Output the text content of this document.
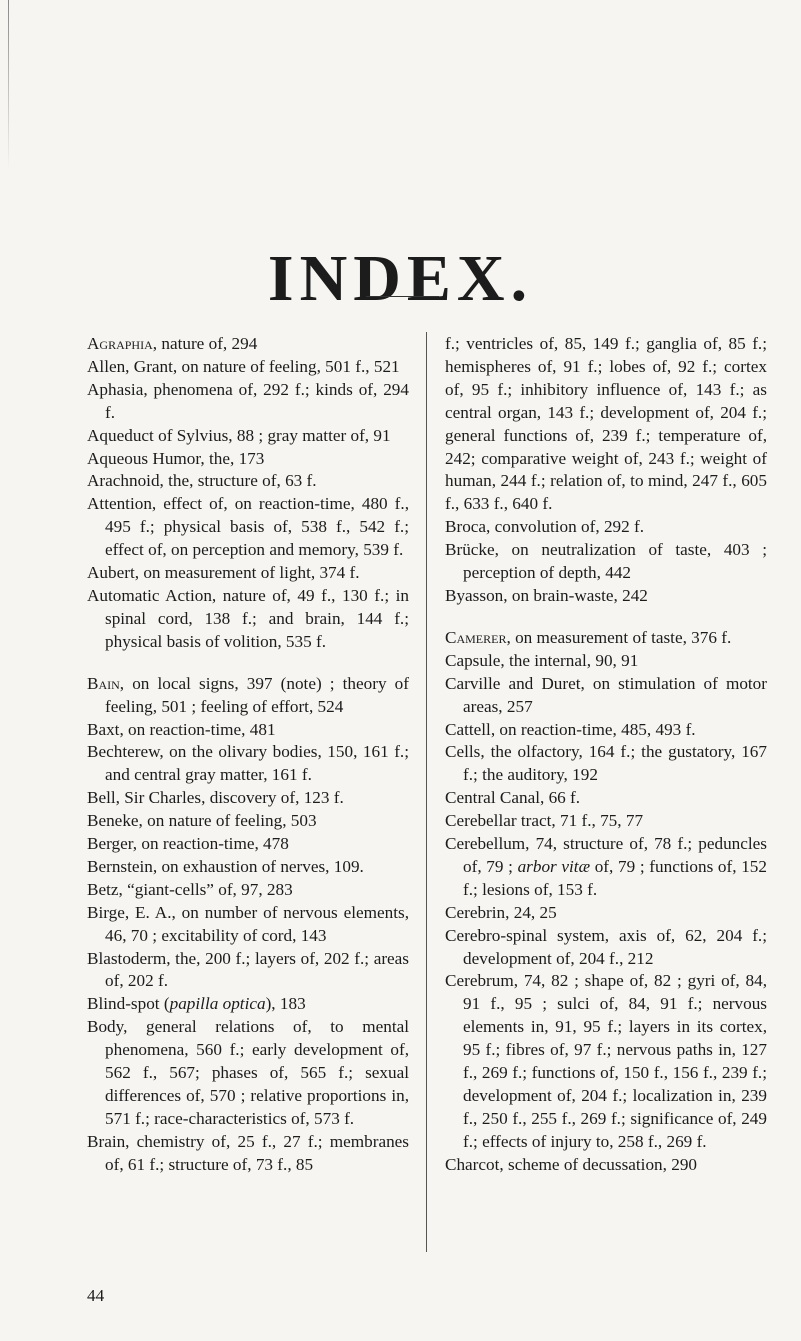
INDEX.

Agraphia, nature of, 294

Allen, Grant, on nature of feeling, 501 f., 521

Aphasia, phenomena of, 292 f.; kinds of, 294 f.

Aqueduct of Sylvius, 88 ; gray matter of, 91

Aqueous Humor, the, 173

Arachnoid, the, structure of, 63 f.

Attention, effect of, on reaction-time, 480 f., 495 f.; physical basis of, 538 f., 542 f.; effect of, on perception and memory, 539 f.

Aubert, on measurement of light, 374 f.

Automatic Action, nature of, 49 f., 130 f.; in spinal cord, 138 f.; and brain, 144 f.; physical basis of volition, 535 f.

Bain, on local signs, 397 (note) ; theory of feeling, 501 ; feeling of effort, 524

Baxt, on reaction-time, 481

Bechterew, on the olivary bodies, 150, 161 f.; and central gray matter, 161 f.

Bell, Sir Charles, discovery of, 123 f.

Beneke, on nature of feeling, 503

Berger, on reaction-time, 478

Bernstein, on exhaustion of nerves, 109.

Betz, “giant-cells” of, 97, 283

Birge, E. A., on number of nervous elements, 46, 70 ; excitability of cord, 143

Blastoderm, the, 200 f.; layers of, 202 f.; areas of, 202 f.

Blind-spot (papilla optica), 183

Body, general relations of, to mental phenomena, 560 f.; early development of, 562 f., 567; phases of, 565 f.; sexual differences of, 570 ; relative proportions in, 571 f.; race-characteristics of, 573 f.

Brain, chemistry of, 25 f., 27 f.; membranes of, 61 f.; structure of, 73 f., 85

f.; ventricles of, 85, 149 f.; ganglia of, 85 f.; hemispheres of, 91 f.; lobes of, 92 f.; cortex of, 95 f.; inhibitory influence of, 143 f.; as central organ, 143 f.; development of, 204 f.; general functions of, 239 f.; temperature of, 242; comparative weight of, 243 f.; weight of human, 244 f.; relation of, to mind, 247 f., 605 f., 633 f., 640 f.

Broca, convolution of, 292 f.

Brücke, on neutralization of taste, 403 ; perception of depth, 442

Byasson, on brain-waste, 242

Camerer, on measurement of taste, 376 f.

Capsule, the internal, 90, 91

Carville and Duret, on stimulation of motor areas, 257

Cattell, on reaction-time, 485, 493 f.

Cells, the olfactory, 164 f.; the gustatory, 167 f.; the auditory, 192

Central Canal, 66 f.

Cerebellar tract, 71 f., 75, 77

Cerebellum, 74, structure of, 78 f.; peduncles of, 79 ; arbor vitæ of, 79 ; functions of, 152 f.; lesions of, 153 f.

Cerebrin, 24, 25

Cerebro-spinal system, axis of, 62, 204 f.; development of, 204 f., 212

Cerebrum, 74, 82 ; shape of, 82 ; gyri of, 84, 91 f., 95 ; sulci of, 84, 91 f.; nervous elements in, 91, 95 f.; layers in its cortex, 95 f.; fibres of, 97 f.; nervous paths in, 127 f., 269 f.; functions of, 150 f., 156 f., 239 f.; development of, 204 f.; localization in, 239 f., 250 f., 255 f., 269 f.; significance of, 249 f.; effects of injury to, 258 f., 269 f.

Charcot, scheme of decussation, 290

44
